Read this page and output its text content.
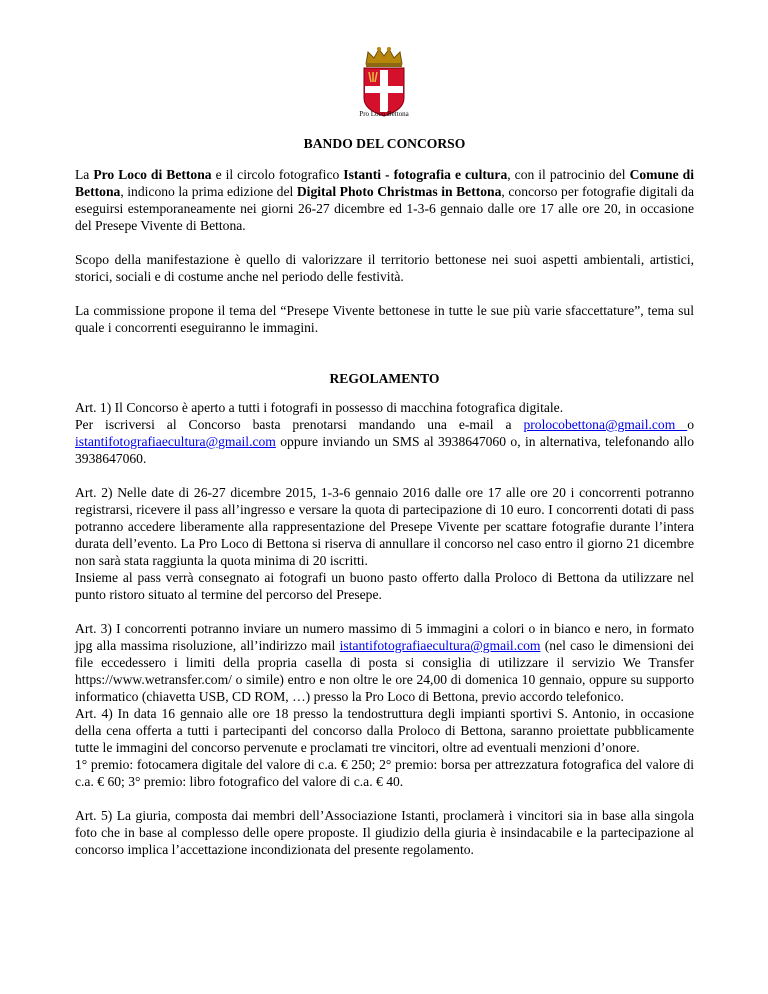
Pro Loco Bettona
BANDO DEL CONCORSO

La Pro Loco di Bettona e il circolo fotografico Istanti - fotografia e cultura, con il patrocinio del Comune di Bettona, indicono la prima edizione del Digital Photo Christmas in Bettona, concorso per fotografie digitali da eseguirsi estemporaneamente nei giorni 26-27 dicembre ed 1-3-6 gennaio dalle ore 17 alle ore 20, in occasione del Presepe Vivente di Bettona.

Scopo della manifestazione è quello di valorizzare il territorio bettonese nei suoi aspetti ambientali, artistici, storici, sociali e di costume anche nel periodo delle festività.

La commissione propone il tema del “Presepe Vivente bettonese in tutte le sue più varie sfaccettature”, tema sul quale i concorrenti eseguiranno le immagini.

REGOLAMENTO

Art. 1) Il Concorso è aperto a tutti i fotografi in possesso di macchina fotografica digitale.
Per iscriversi al Concorso basta prenotarsi mandando una e-mail a prolocobettona@gmail.com o istantifotografiaecultura@gmail.com oppure inviando un SMS al 3938647060 o, in alternativa, telefonando allo 3938647060.

Art. 2) Nelle date di 26-27 dicembre 2015, 1-3-6 gennaio 2016 dalle ore 17 alle ore 20 i concorrenti potranno registrarsi, ricevere il pass all’ingresso e versare la quota di partecipazione di 10 euro. I concorrenti dotati di pass potranno accedere liberamente alla rappresentazione del Presepe Vivente per scattare fotografie durante l’intera durata dell’evento. La Pro Loco di Bettona si riserva di annullare il concorso nel caso entro il giorno 21 dicembre non sarà stata raggiunta la quota minima di 20 iscritti.

Insieme al pass verrà consegnato ai fotografi un buono pasto offerto dalla Proloco di Bettona da utilizzare nel punto ristoro situato al termine del percorso del Presepe.

Art. 3) I concorrenti potranno inviare un numero massimo di 5 immagini a colori o in bianco e nero, in formato jpg alla massima risoluzione, all’indirizzo mail istantifotografiaecultura@gmail.com (nel caso le dimensioni dei file eccedessero i limiti della propria casella di posta si consiglia di utilizzare il servizio We Transfer https://www.wetransfer.com/ o simile) entro e non oltre le ore 24,00 di domenica 10 gennaio, oppure su supporto informatico (chiavetta USB, CD ROM, …) presso la Pro Loco di Bettona, previo accordo telefonico.

Art. 4) In data 16 gennaio alle ore 18 presso la tendostruttura degli impianti sportivi S. Antonio, in occasione della cena offerta a tutti i partecipanti del concorso dalla Proloco di Bettona, saranno proiettate pubblicamente tutte le immagini del concorso pervenute e proclamati tre vincitori, oltre ad eventuali menzioni d’onore.

1° premio: fotocamera digitale del valore di c.a. € 250; 2° premio: borsa per attrezzatura fotografica del valore di c.a. € 60; 3° premio: libro fotografico del valore di c.a. € 40.

Art. 5) La giuria, composta dai membri dell’Associazione Istanti, proclamerà i vincitori sia in base alla singola foto che in base al complesso delle opere proposte. Il giudizio della giuria è insindacabile e la partecipazione al concorso implica l’accettazione incondizionata del presente regolamento.
